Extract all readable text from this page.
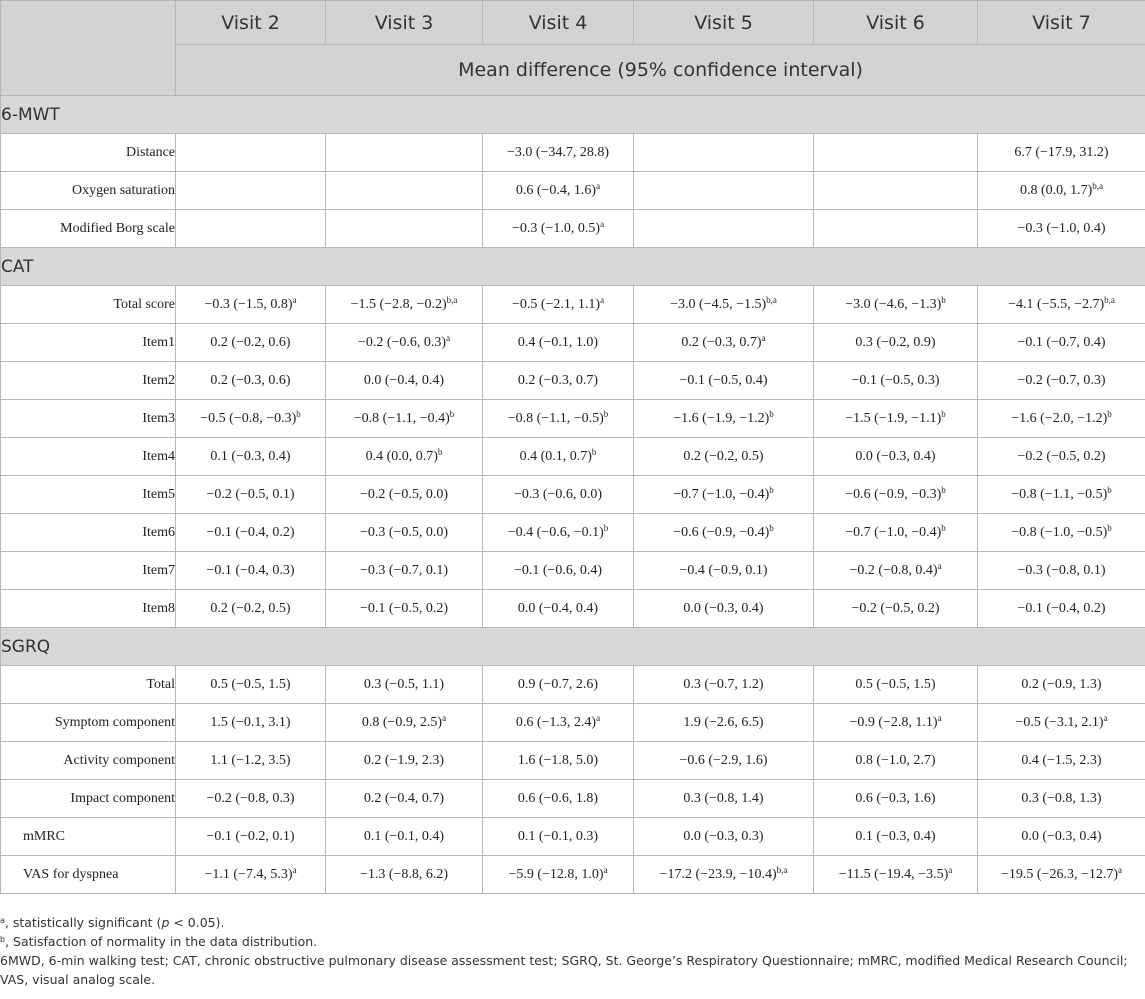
	Visit 2	Visit 3	Visit 4	Visit 5	Visit 6	Visit 7
	Mean difference (95% confidence interval)					
6-MWT						
Distance			−3.0 (−34.7, 28.8)			6.7 (−17.9, 31.2)
Oxygen saturation			0.6 (−0.4, 1.6)$^a$			0.8 (0.0, 1.7)$^{b,a}$
Modified Borg scale			−0.3 (−1.0, 0.5)$^a$			−0.3 (−1.0, 0.4)
CAT						
Total score	−0.3 (−1.5, 0.8)$^a$	−1.5 (−2.8, −0.2)$^{b,a}$	−0.5 (−2.1, 1.1)$^a$	−3.0 (−4.5, −1.5)$^{b,a}$	−3.0 (−4.6, −1.3)$^b$	−4.1 (−5.5, −2.7)$^{b,a}$
Item1	0.2 (−0.2, 0.6)	−0.2 (−0.6, 0.3)$^a$	0.4 (−0.1, 1.0)	0.2 (−0.3, 0.7)$^a$	0.3 (−0.2, 0.9)	−0.1 (−0.7, 0.4)
Item2	0.2 (−0.3, 0.6)	0.0 (−0.4, 0.4)	0.2 (−0.3, 0.7)	−0.1 (−0.5, 0.4)	−0.1 (−0.5, 0.3)	−0.2 (−0.7, 0.3)
Item3	−0.5 (−0.8, −0.3)$^b$	−0.8 (−1.1, −0.4)$^b$	−0.8 (−1.1, −0.5)$^b$	−1.6 (−1.9, −1.2)$^b$	−1.5 (−1.9, −1.1)$^b$	−1.6 (−2.0, −1.2)$^b$
Item4	0.1 (−0.3, 0.4)	0.4 (0.0, 0.7)$^b$	0.4 (0.1, 0.7)$^b$	0.2 (−0.2, 0.5)	0.0 (−0.3, 0.4)	−0.2 (−0.5, 0.2)
Item5	−0.2 (−0.5, 0.1)	−0.2 (−0.5, 0.0)	−0.3 (−0.6, 0.0)	−0.7 (−1.0, −0.4)$^b$	−0.6 (−0.9, −0.3)$^b$	−0.8 (−1.1, −0.5)$^b$
Item6	−0.1 (−0.4, 0.2)	−0.3 (−0.5, 0.0)	−0.4 (−0.6, −0.1)$^b$	−0.6 (−0.9, −0.4)$^b$	−0.7 (−1.0, −0.4)$^b$	−0.8 (−1.0, −0.5)$^b$
Item7	−0.1 (−0.4, 0.3)	−0.3 (−0.7, 0.1)	−0.1 (−0.6, 0.4)	−0.4 (−0.9, 0.1)	−0.2 (−0.8, 0.4)$^a$	−0.3 (−0.8, 0.1)
Item8	0.2 (−0.2, 0.5)	−0.1 (−0.5, 0.2)	0.0 (−0.4, 0.4)	0.0 (−0.3, 0.4)	−0.2 (−0.5, 0.2)	−0.1 (−0.4, 0.2)
SGRQ						
Total	0.5 (−0.5, 1.5)	0.3 (−0.5, 1.1)	0.9 (−0.7, 2.6)	0.3 (−0.7, 1.2)	0.5 (−0.5, 1.5)	0.2 (−0.9, 1.3)
Symptom component	1.5 (−0.1, 3.1)	0.8 (−0.9, 2.5)$^a$	0.6 (−1.3, 2.4)$^a$	1.9 (−2.6, 6.5)	−0.9 (−2.8, 1.1)$^a$	−0.5 (−3.1, 2.1)$^a$
Activity component	1.1 (−1.2, 3.5)	0.2 (−1.9, 2.3)	1.6 (−1.8, 5.0)	−0.6 (−2.9, 1.6)	0.8 (−1.0, 2.7)	0.4 (−1.5, 2.3)
Impact component	−0.2 (−0.8, 0.3)	0.2 (−0.4, 0.7)	0.6 (−0.6, 1.8)	0.3 (−0.8, 1.4)	0.6 (−0.3, 1.6)	0.3 (−0.8, 1.3)
mMRC	−0.1 (−0.2, 0.1)	0.1 (−0.1, 0.4)	0.1 (−0.1, 0.3)	0.0 (−0.3, 0.3)	0.1 (−0.3, 0.4)	0.0 (−0.3, 0.4)
VAS for dyspnea	−1.1 (−7.4, 5.3)$^a$	−1.3 (−8.8, 6.2)	−5.9 (−12.8, 1.0)$^a$	−17.2 (−23.9, −10.4)$^{b,a}$	−11.5 (−19.4, −3.5)$^a$	−19.5 (−26.3, −12.7)$^a$

$^a$, statistically significant (p < 0.05).

$^b$, Satisfaction of normality in the data distribution.

6MWD, 6-min walking test; CAT, chronic obstructive pulmonary disease assessment test; SGRQ, St. George’s Respiratory Questionnaire; mMRC, modified Medical Research Council; VAS, visual analog scale.
